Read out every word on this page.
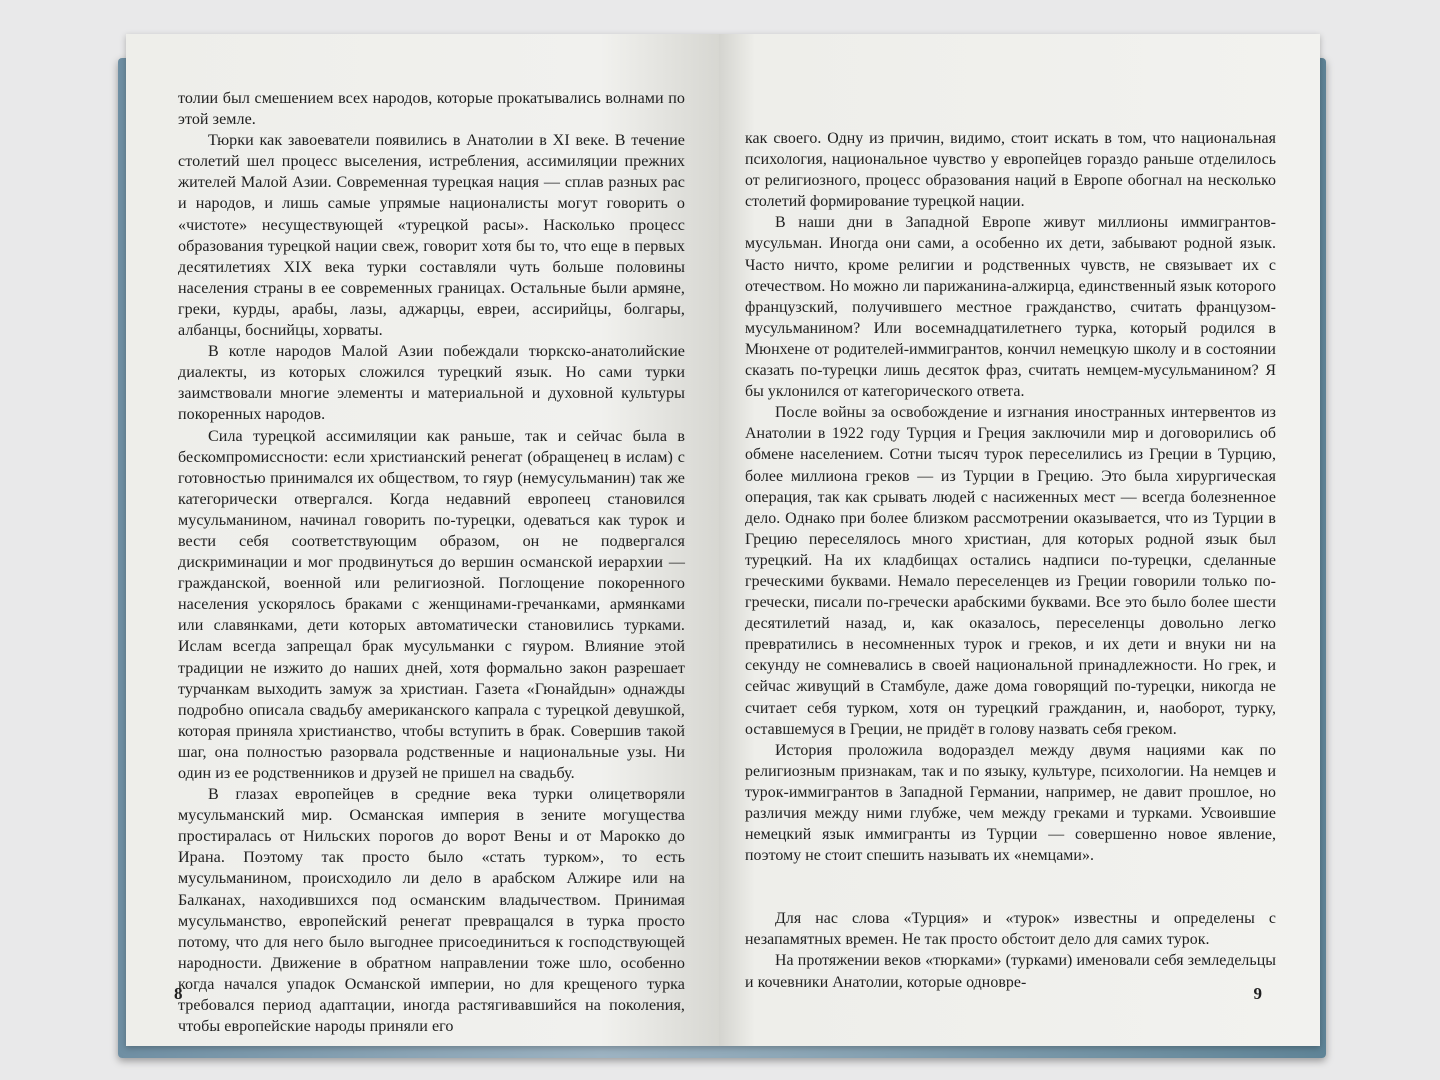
толии был смешением всех народов, которые прокатывались волнами по этой земле.

Тюрки как завоеватели появились в Анатолии в XI веке. В течение столетий шел процесс выселения, истребления, ассимиляции прежних жителей Малой Азии. Современная турецкая нация — сплав разных рас и народов, и лишь самые упрямые националисты могут говорить о «чистоте» несуществующей «турецкой расы». Насколько процесс образования турецкой нации свеж, говорит хотя бы то, что еще в первых десятилетиях XIX века турки составляли чуть больше половины населения страны в ее современных границах. Остальные были армяне, греки, курды, арабы, лазы, аджарцы, евреи, ассирийцы, болгары, албанцы, боснийцы, хорваты.

В котле народов Малой Азии побеждали тюркско-анатолийские диалекты, из которых сложился турецкий язык. Но сами турки заимствовали многие элементы и материальной и духовной культуры покоренных народов.

Сила турецкой ассимиляции как раньше, так и сейчас была в бескомпромиссности: если христианский ренегат (обращенец в ислам) с готовностью принимался их обществом, то гяур (немусульманин) так же категорически отвергался. Когда недавний европеец становился мусульманином, начинал говорить по-турецки, одеваться как турок и вести себя соответствующим образом, он не подвергался дискриминации и мог продвинуться до вершин османской иерархии — гражданской, военной или религиозной. Поглощение покоренного населения ускорялось браками с женщинами-гречанками, армянками или славянками, дети которых автоматически становились турками. Ислам всегда запрещал брак мусульманки с гяуром. Влияние этой традиции не изжито до наших дней, хотя формально закон разрешает турчанкам выходить замуж за христиан. Газета «Гюнайдын» однажды подробно описала свадьбу американского капрала с турецкой девушкой, которая приняла христианство, чтобы вступить в брак. Совершив такой шаг, она полностью разорвала родственные и национальные узы. Ни один из ее родственников и друзей не пришел на свадьбу.

В глазах европейцев в средние века турки олицетворяли мусульманский мир. Османская империя в зените могущества простиралась от Нильских порогов до ворот Вены и от Марокко до Ирана. Поэтому так просто было «стать турком», то есть мусульманином, происходило ли дело в арабском Алжире или на Балканах, находившихся под османским владычеством. Принимая мусульманство, европейский ренегат превращался в турка просто потому, что для него было выгоднее присоединиться к господствующей народности. Движение в обратном направлении тоже шло, особенно когда начался упадок Османской империи, но для крещеного турка требовался период адаптации, иногда растягивавшийся на поколения, чтобы европейские народы приняли его

8

как своего. Одну из причин, видимо, стоит искать в том, что национальная психология, национальное чувство у европейцев гораздо раньше отделилось от религиозного, процесс образования наций в Европе обогнал на несколько столетий формирование турецкой нации.

В наши дни в Западной Европе живут миллионы иммигрантов-мусульман. Иногда они сами, а особенно их дети, забывают родной язык. Часто ничто, кроме религии и родственных чувств, не связывает их с отечеством. Но можно ли парижанина-алжирца, единственный язык которого французский, получившего местное гражданство, считать французом-мусульманином? Или восемнадцатилетнего турка, который родился в Мюнхене от родителей-иммигрантов, кончил немецкую школу и в состоянии сказать по-турецки лишь десяток фраз, считать немцем-мусульманином? Я бы уклонился от категорического ответа.

После войны за освобождение и изгнания иностранных интервентов из Анатолии в 1922 году Турция и Греция заключили мир и договорились об обмене населением. Сотни тысяч турок переселились из Греции в Турцию, более миллиона греков — из Турции в Грецию. Это была хирургическая операция, так как срывать людей с насиженных мест — всегда болезненное дело. Однако при более близком рассмотрении оказывается, что из Турции в Грецию переселялось много христиан, для которых родной язык был турецкий. На их кладбищах остались надписи по-турецки, сделанные греческими буквами. Немало переселенцев из Греции говорили только по-гречески, писали по-гречески арабскими буквами. Все это было более шести десятилетий назад, и, как оказалось, переселенцы довольно легко превратились в несомненных турок и греков, и их дети и внуки ни на секунду не сомневались в своей национальной принадлежности. Но грек, и сейчас живущий в Стамбуле, даже дома говорящий по-турецки, никогда не считает себя турком, хотя он турецкий гражданин, и, наоборот, турку, оставшемуся в Греции, не придёт в голову назвать себя греком.

История проложила водораздел между двумя нациями как по религиозным признакам, так и по языку, культуре, психологии. На немцев и турок-иммигрантов в Западной Германии, например, не давит прошлое, но различия между ними глубже, чем между греками и турками. Усвоившие немецкий язык иммигранты из Турции — совершенно новое явление, поэтому не стоит спешить называть их «немцами».

Для нас слова «Турция» и «турок» известны и определены с незапамятных времен. Не так просто обстоит дело для самих турок.

На протяжении веков «тюрками» (турками) именовали себя земледельцы и кочевники Анатолии, которые одновре-

9
